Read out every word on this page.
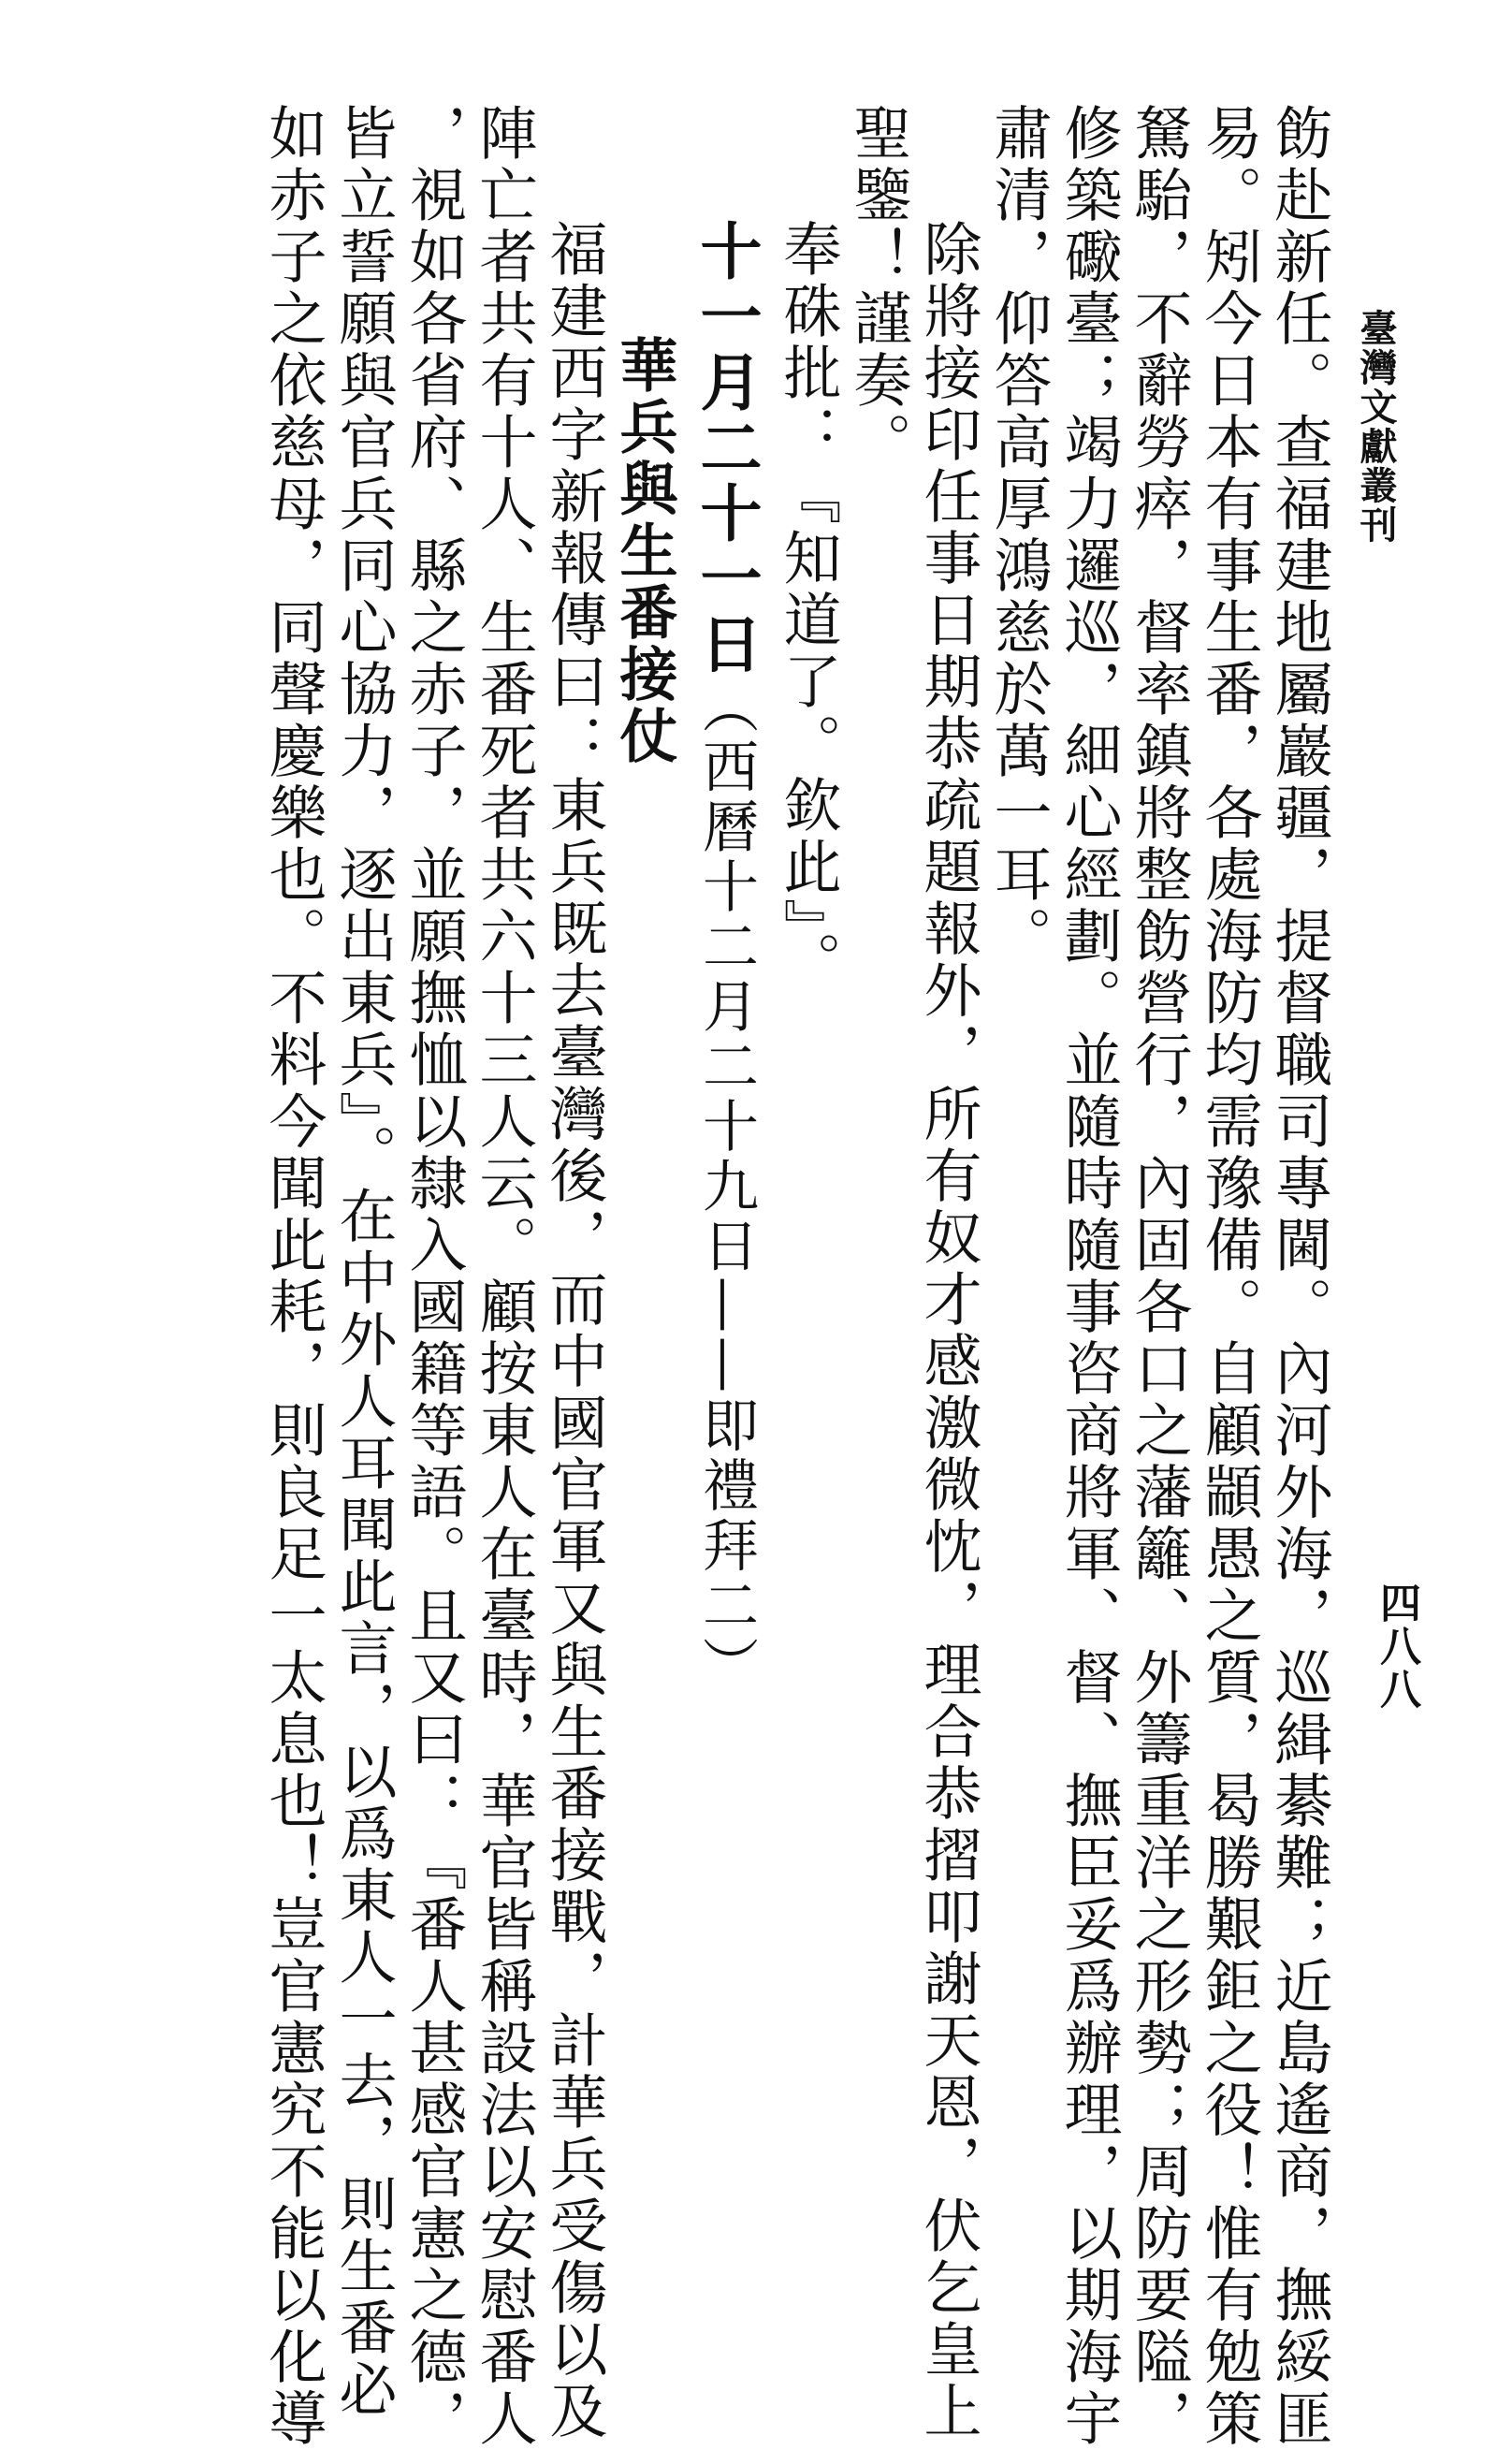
臺灣文獻叢刊
四八八
飭赴新任。查福建地屬巖疆，提督職司專閫。內河外海，巡緝綦難；近島遙商，撫綏匪
易。矧今日本有事生番，各處海防均需豫備。自顧顓愚之質，曷勝艱鉅之役！惟有勉策
駑駘，不辭勞瘁，督率鎮將整飭營行，內固各口之藩籬、外籌重洋之形勢；周防要隘，
修築礮臺；竭力邏巡，細心經劃。並隨時隨事咨商將軍、督、撫臣妥爲辦理，以期海宇
肅清，仰答高厚鴻慈於萬一耳。
除將接印任事日期恭疏題報外，所有奴才感激微忱，理合恭摺叩謝天恩，伏乞皇上
聖鑒！謹奏。
奉硃批：『知道了。欽此』。
十一月二十一日（西曆十二月二十九日——即禮拜二）
華兵與生番接仗
福建西字新報傳曰：東兵既去臺灣後，而中國官軍又與生番接戰，計華兵受傷以及
陣亡者共有十人、生番死者共六十三人云。顧按東人在臺時，華官皆稱設法以安慰番人
，視如各省府、縣之赤子，並願撫恤以隸入國籍等語。且又曰：『番人甚感官憲之德，
皆立誓願與官兵同心協力，逐出東兵』。在中外人耳聞此言，以爲東人一去，則生番必
如赤子之依慈母，同聲慶樂也。不料今聞此耗，則良足一太息也！豈官憲究不能以化導
